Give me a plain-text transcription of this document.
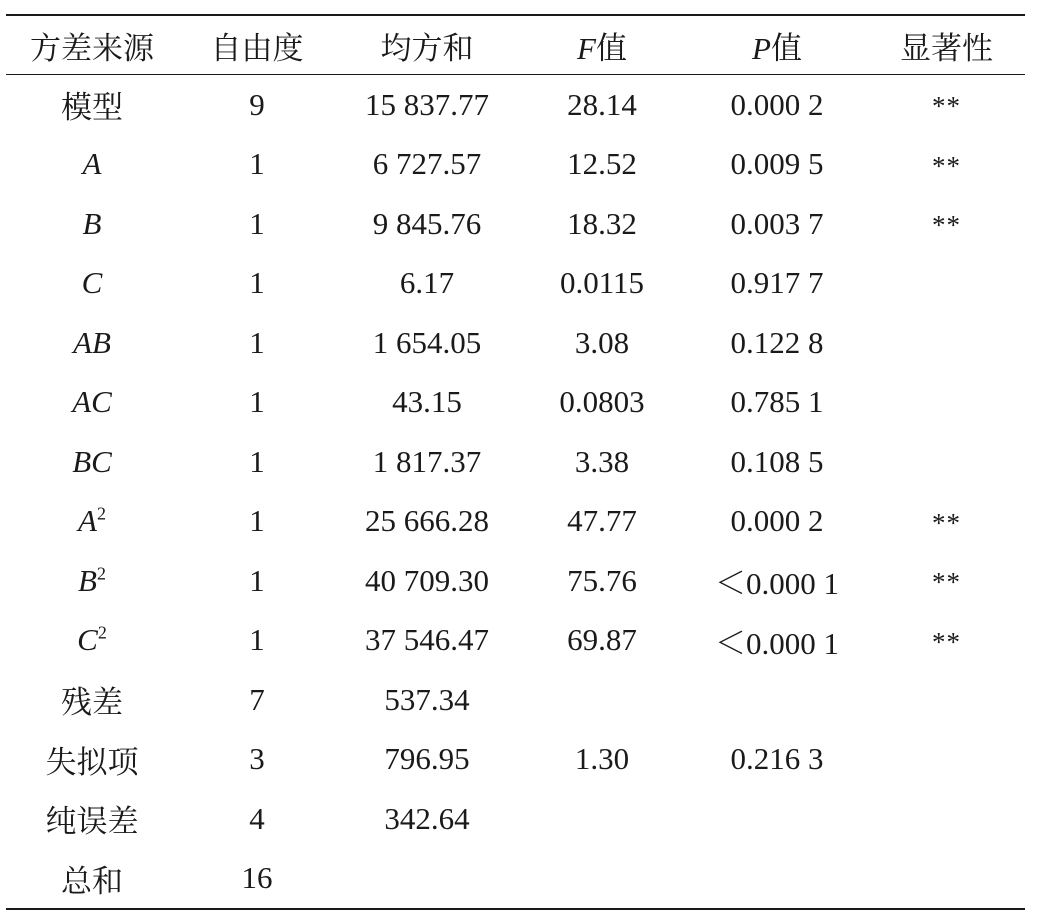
方差来源	自由度	均方和	F值	P值	显著性
模型	9	15 837.77	28.14	0.000 2	**
A	1	6 727.57	12.52	0.009 5	**
B	1	9 845.76	18.32	0.003 7	**
C	1	6.17	0.0115	0.917 7	
AB	1	1 654.05	3.08	0.122 8	
AC	1	43.15	0.0803	0.785 1	
BC	1	1 817.37	3.38	0.108 5	
$A^2$	1	25 666.28	47.77	0.000 2	**
$B^2$	1	40 709.30	75.76	＜0.000 1	**
$C^2$	1	37 546.47	69.87	＜0.000 1	**
残差	7	537.34			
失拟项	3	796.95	1.30	0.216 3	
纯误差	4	342.64			
总和	16				
